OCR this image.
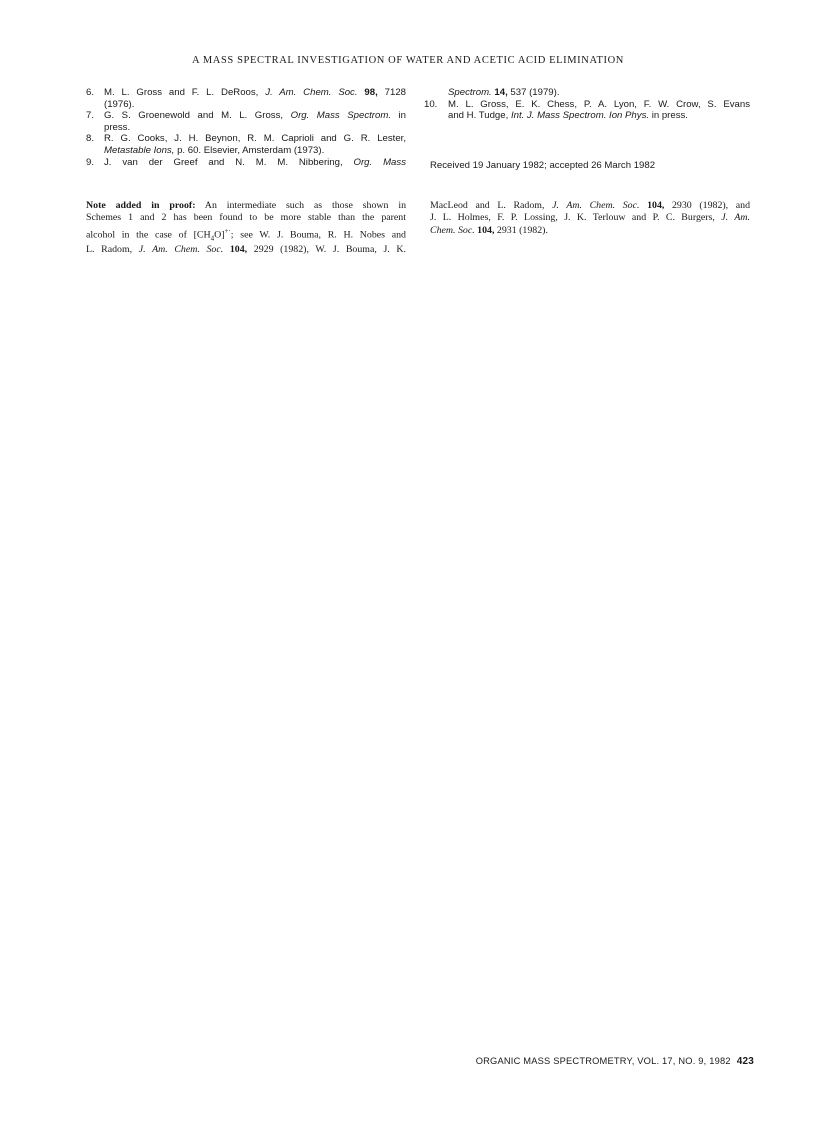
A MASS SPECTRAL INVESTIGATION OF WATER AND ACETIC ACID ELIMINATION
6. M. L. Gross and F. L. DeRoos, J. Am. Chem. Soc. 98, 7128
(1976).
7. G. S. Groenewold and M. L. Gross, Org. Mass Spectrom. in
press.
8. R. G. Cooks, J. H. Beynon, R. M. Caprioli and G. R. Lester,
Metastable Ions, p. 60. Elsevier, Amsterdam (1973).
9. J. van der Greef and N. M. M. Nibbering, Org. Mass
Spectrom. 14, 537 (1979).
10. M. L. Gross, E. K. Chess, P. A. Lyon, F. W. Crow, S. Evans
and H. Tudge, Int. J. Mass Spectrom. Ion Phys. in press.
Received 19 January 1982; accepted 26 March 1982
Note added in proof: An intermediate such as those shown in
Schemes 1 and 2 has been found to be more stable than the parent
alcohol in the case of $[CH_4O]^{+\cdot}$; see W. J. Bouma, R. H. Nobes and
L. Radom, J. Am. Chem. Soc. 104, 2929 (1982), W. J. Bouma, J. K.
MacLeod and L. Radom, J. Am. Chem. Soc. 104, 2930 (1982), and
J. L. Holmes, F. P. Lossing, J. K. Terlouw and P. C. Burgers, J. Am.
Chem. Soc. 104, 2931 (1982).
ORGANIC MASS SPECTROMETRY, VOL. 17, NO. 9, 1982 423
